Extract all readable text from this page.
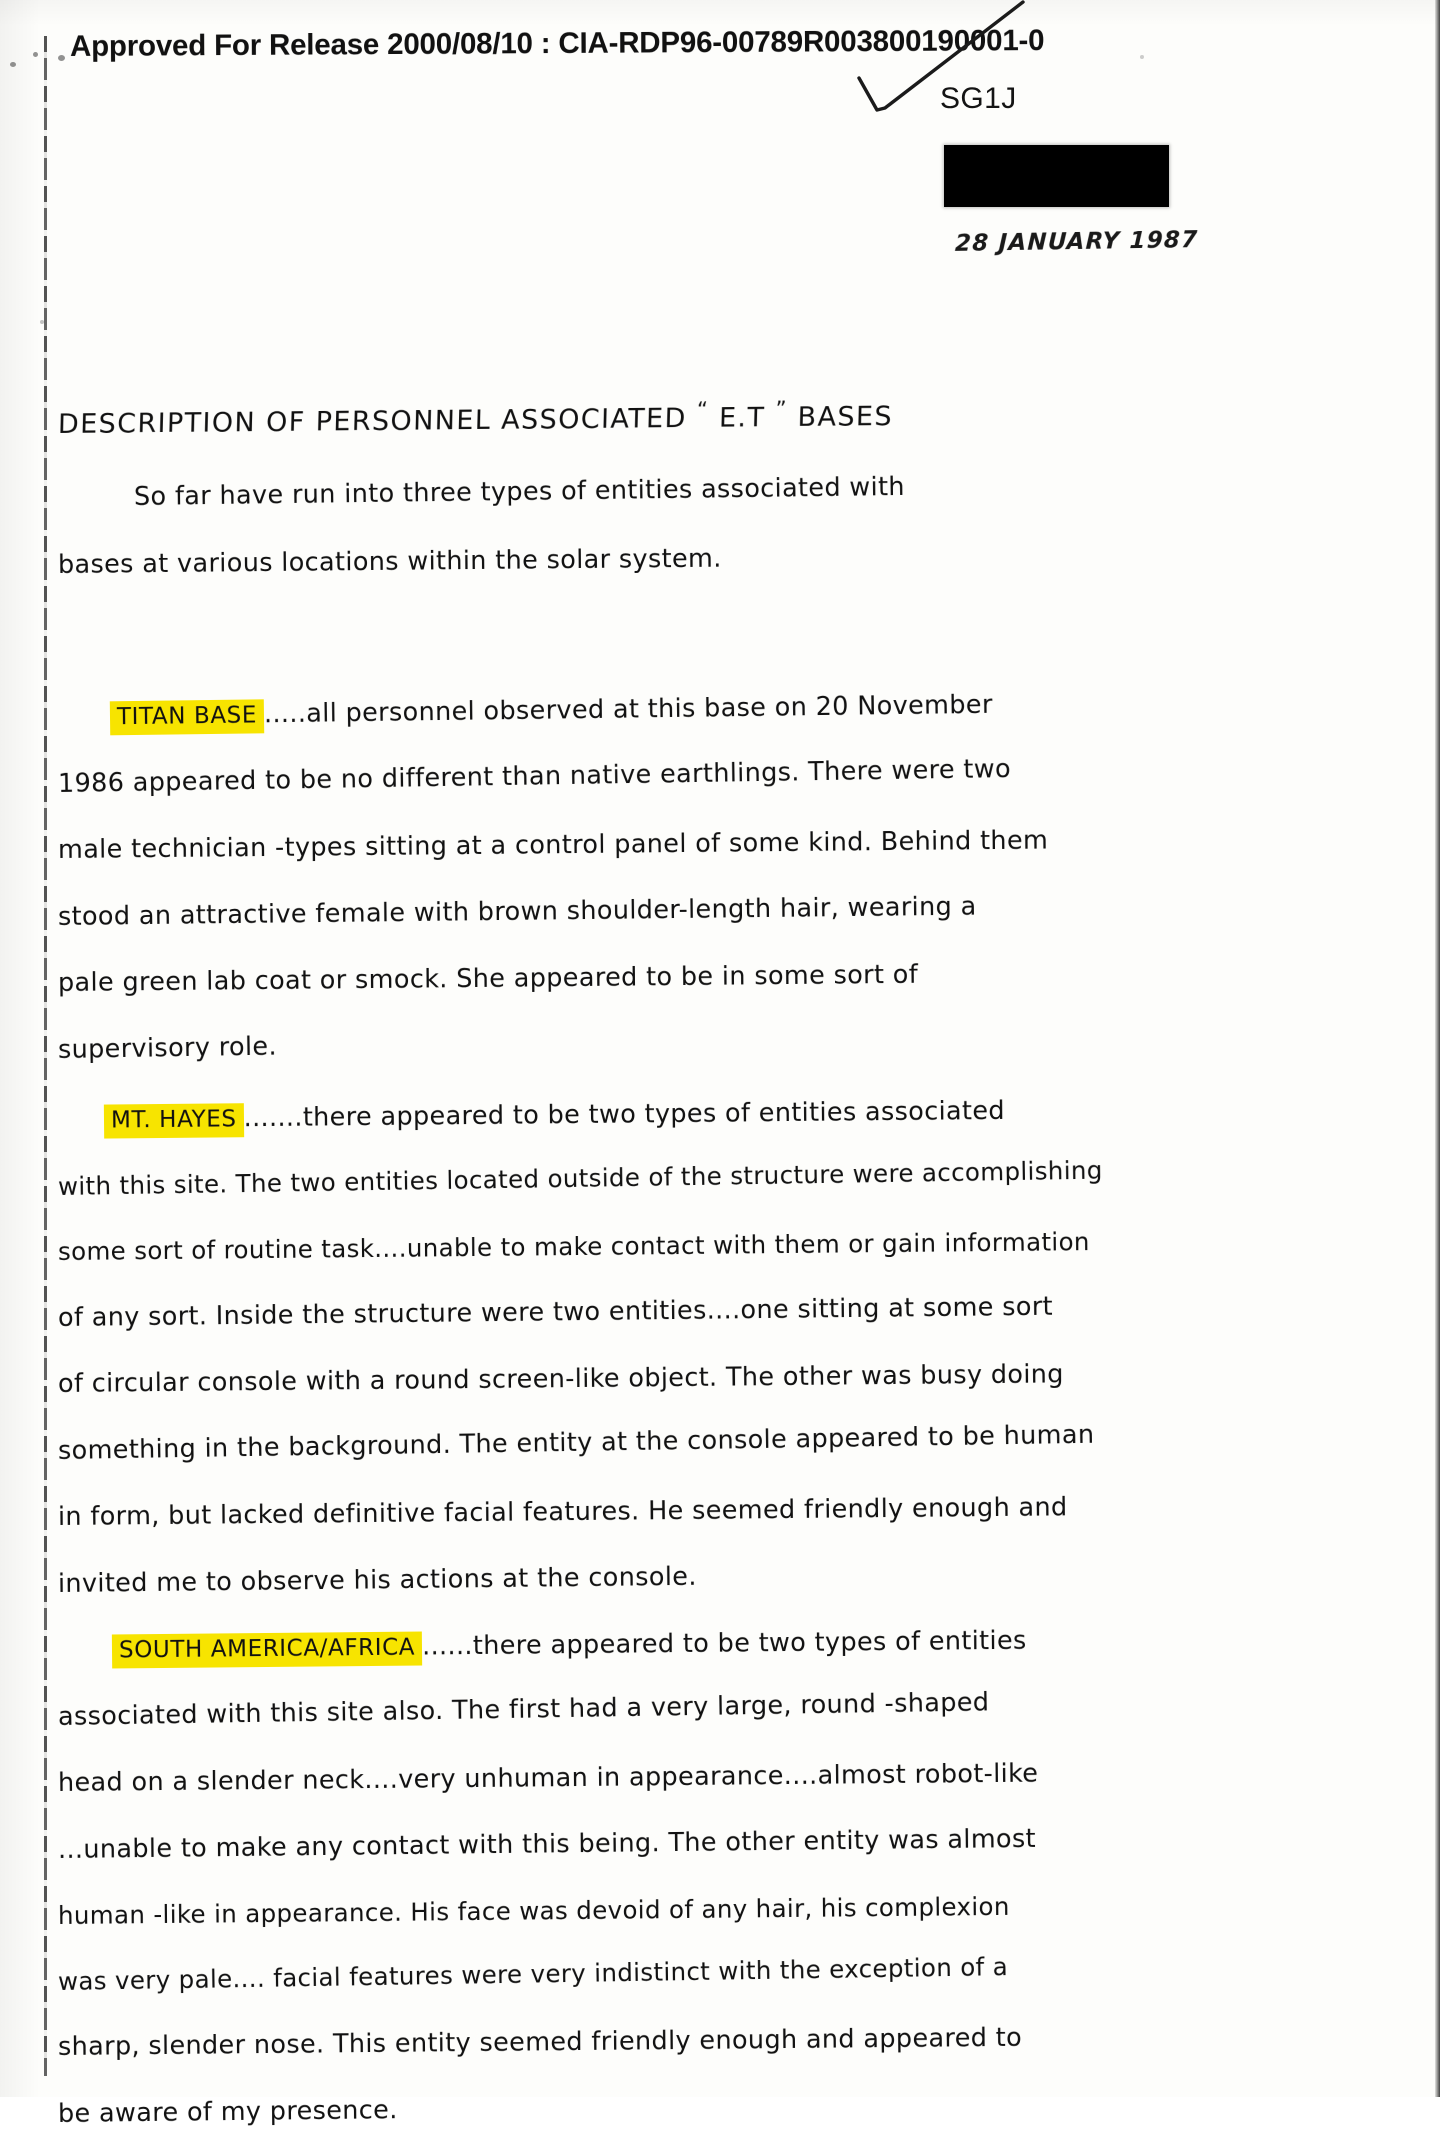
Approved For Release 2000/08/10 : CIA-RDP96-00789R003800190001-0
SG1J
28 JANUARY 1987
DESCRIPTION OF PERSONNEL ASSOCIATED “ E.T ” BASES
So far have run into three types of entities associated with
bases at various locations within the solar system.
TITAN BASE .....all personnel observed at this base on 20 November
1986 appeared to be no different than native earthlings. There were two
male technician -types sitting at a control panel of some kind. Behind them
stood an attractive female with brown shoulder-length hair, wearing a
pale green lab coat or smock. She appeared to be in some sort of
supervisory role.
MT. HAYES .......there appeared to be two types of entities associated
with this site. The two entities located outside of the structure were accomplishing
some sort of routine task....unable to make contact with them or gain information
of any sort. Inside the structure were two entities....one sitting at some sort
of circular console with a round screen-like object. The other was busy doing
something in the background. The entity at the console appeared to be human
in form, but lacked definitive facial features. He seemed friendly enough and
invited me to observe his actions at the console.
SOUTH AMERICA/AFRICA ......there appeared to be two types of entities
associated with this site also. The first had a very large, round -shaped
head on a slender neck....very unhuman in appearance....almost robot-like
...unable to make any contact with this being. The other entity was almost
human -like in appearance. His face was devoid of any hair, his complexion
was very pale.... facial features were very indistinct with the exception of a
sharp, slender nose. This entity seemed friendly enough and appeared to
be aware of my presence.
